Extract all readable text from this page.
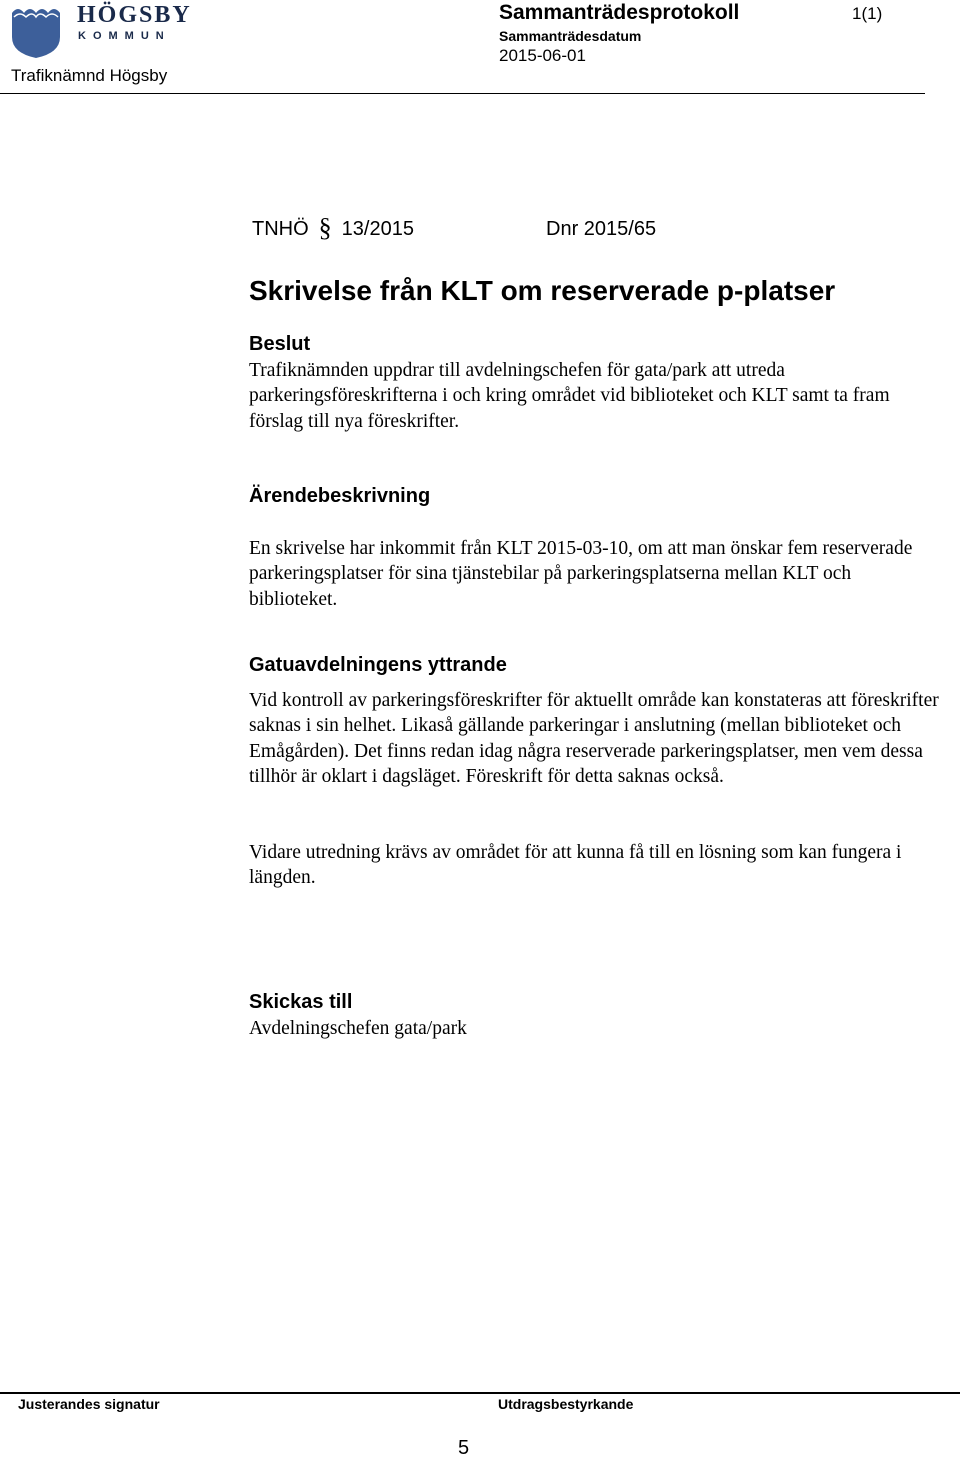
HÖGSBY
KOMMUN
Trafiknämnd Högsby
Sammanträdesprotokoll
Sammanträdesdatum
2015-06-01
1(1)
TNHÖ § 13/2015	Dnr 2015/65
Skrivelse från KLT om reserverade p-platser
Beslut
Trafiknämnden uppdrar till avdelningschefen för gata/park att utreda parkeringsföreskrifterna i och kring området vid biblioteket och KLT samt ta fram förslag till nya föreskrifter.
Ärendebeskrivning
En skrivelse har inkommit från KLT 2015-03-10, om att man önskar fem reserverade parkeringsplatser för sina tjänstebilar på parkeringsplatserna mellan KLT och biblioteket.
Gatuavdelningens yttrande
Vid kontroll av parkeringsföreskrifter för aktuellt område kan konstateras att föreskrifter saknas i sin helhet. Likaså gällande parkeringar i anslutning (mellan biblioteket och Emågården). Det finns redan idag några reserverade parkeringsplatser, men vem dessa tillhör är oklart i dagsläget. Föreskrift för detta saknas också.
Vidare utredning krävs av området för att kunna få till en lösning som kan fungera i längden.
Skickas till
Avdelningschefen gata/park
Justerandes signatur	Utdragsbestyrkande
5
